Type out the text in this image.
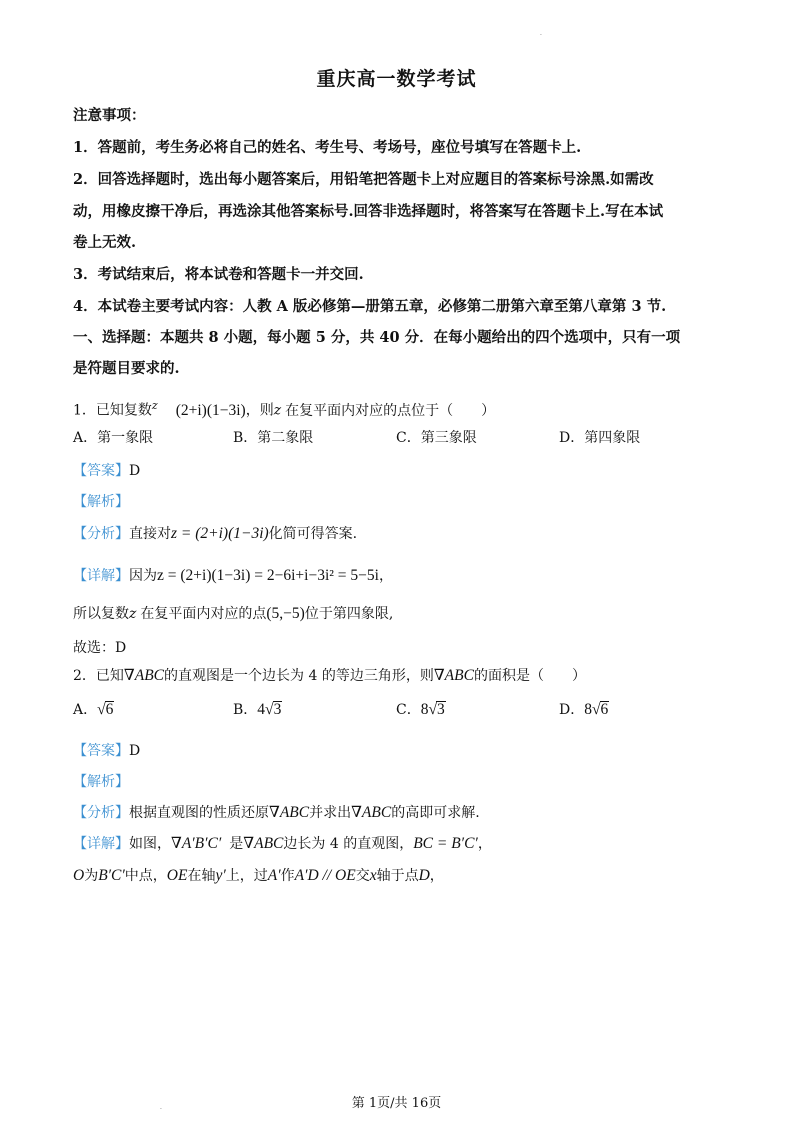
·
重庆高一数学考试
注意事项：
1．答题前，考生务必将自己的姓名、考生号、考场号，座位号填写在答题卡上.
2．回答选择题时，选出每小题答案后，用铅笔把答题卡上对应题目的答案标号涂黑.如需改
动，用橡皮擦干净后，再选涂其他答案标号.回答非选择题时，将答案写在答题卡上.写在本试
卷上无效.
3．考试结束后，将本试卷和答题卡一并交回.
4．本试卷主要考试内容：人教 A 版必修第—册第五章，必修第二册第六章至第八章第 3 节.
一、选择题：本题共 8 小题，每小题 5 分，共 40 分．在每小题给出的四个选项中，只有一项
是符题目要求的.
1．已知复数$^z$ (2+i)(1−3i)，则z 在复平面内对应的点位于（　　）
A．第一象限	B．第二象限	C．第三象限	D．第四象限
【答案】D
【解析】
【分析】直接对z = (2+i)(1−3i)化简可得答案.
【详解】因为z = (2+i)(1−3i) = 2−6i+i−3i² = 5−5i，
所以复数z 在复平面内对应的点(5,−5)位于第四象限,
故选：D
2．已知∇ABC的直观图是一个边长为 4 的等边三角形，则∇ABC的面积是（　　）
A．√6	B．4√3	C．8√3	D．8√6
【答案】D
【解析】
【分析】根据直观图的性质还原∇ABC并求出∇ABC的高即可求解.
【详解】如图，∇A′B′C′ 是∇ABC边长为 4 的直观图，BC = B′C′，
O为B′C′中点，OE在轴y′上，过A′作A′D // OE交x轴于点D，
第 1页/共 16页
·
